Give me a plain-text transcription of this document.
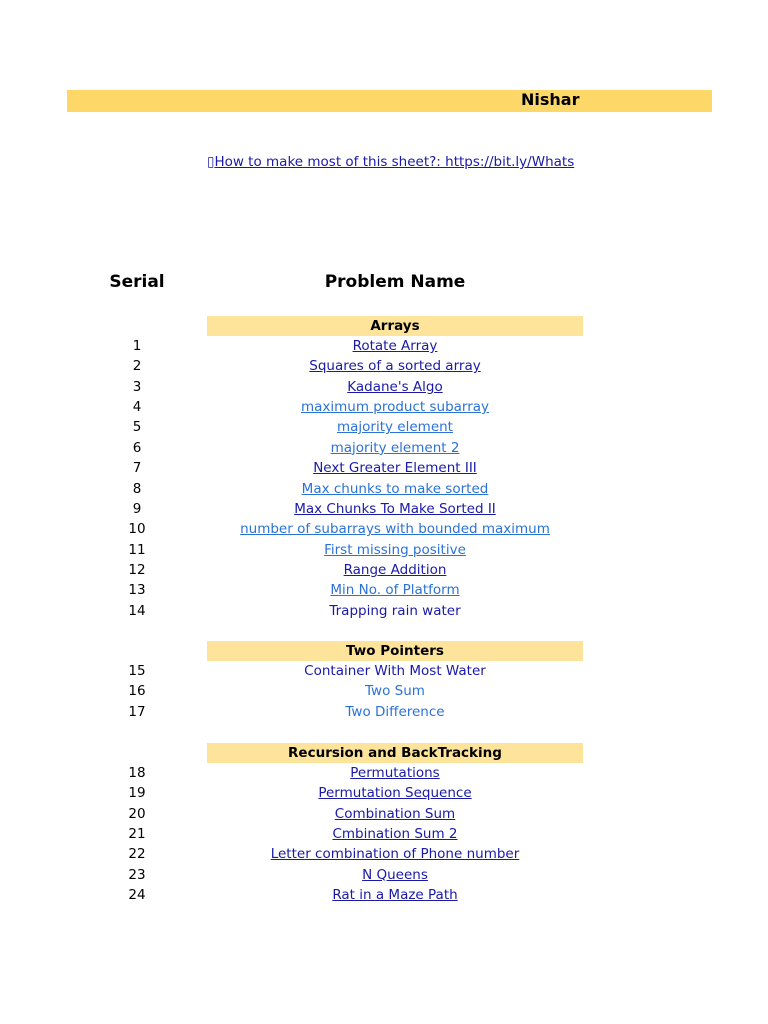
Nishar
▯How to make most of this sheet?: https://bit.ly/Whats
Serial	Problem Name
Arrays
1	Rotate Array
2	Squares of a sorted array
3	Kadane's Algo
4	maximum product subarray
5	majority element
6	majority element 2
7	Next Greater Element III
8	Max chunks to make sorted
9	Max Chunks To Make Sorted II
10	number of subarrays with bounded maximum
11	First missing positive
12	Range Addition
13	Min No. of Platform
14	Trapping rain water
Two Pointers
15	Container With Most Water
16	Two Sum
17	Two Difference
Recursion and BackTracking
18	Permutations
19	Permutation Sequence
20	Combination Sum
21	Cmbination Sum 2
22	Letter combination of Phone number
23	N Queens
24	Rat in a Maze Path
